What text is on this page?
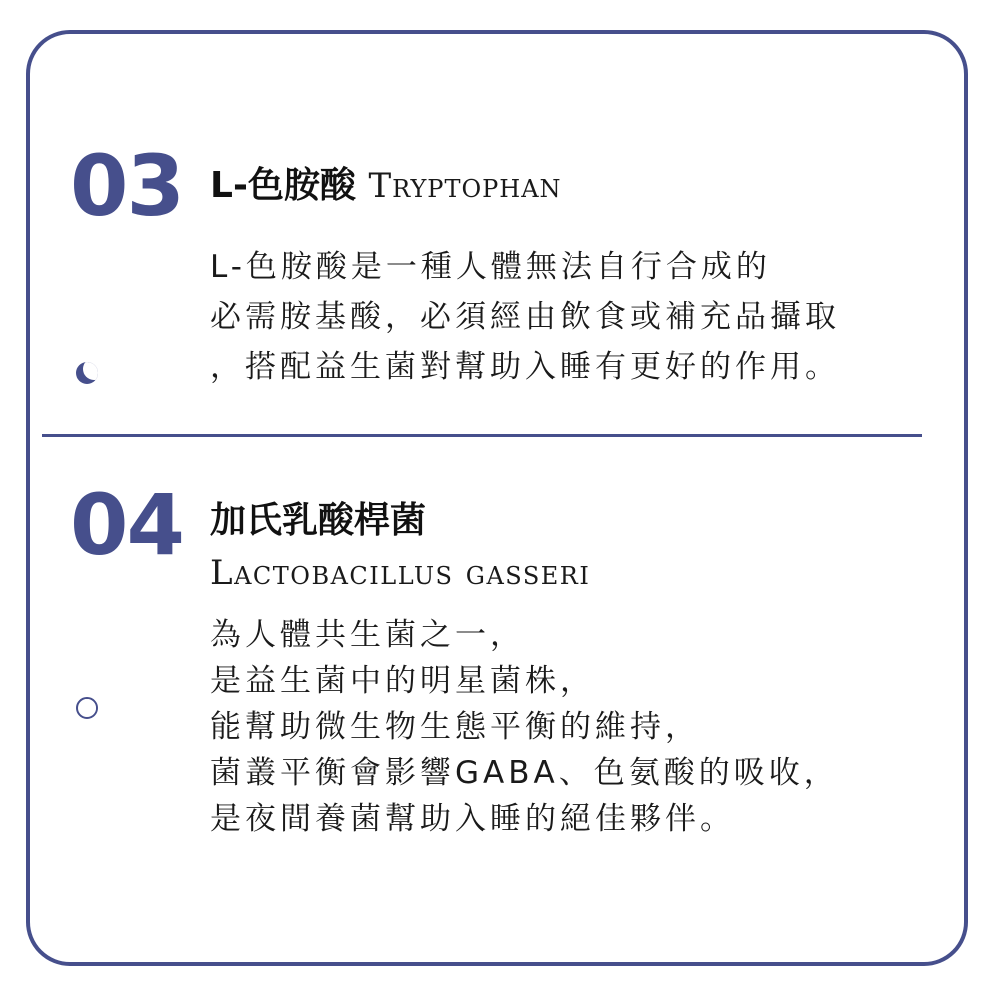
03 L-色胺酸 Tryptophan
L-色胺酸是一種人體無法自行合成的
必需胺基酸，必須經由飲食或補充品攝取
，搭配益生菌對幫助入睡有更好的作用。
04 加氏乳酸桿菌
Lactobacillus gasseri
為人體共生菌之一，
是益生菌中的明星菌株，
能幫助微生物生態平衡的維持，
菌叢平衡會影響GABA、色氨酸的吸收，
是夜間養菌幫助入睡的絕佳夥伴。
